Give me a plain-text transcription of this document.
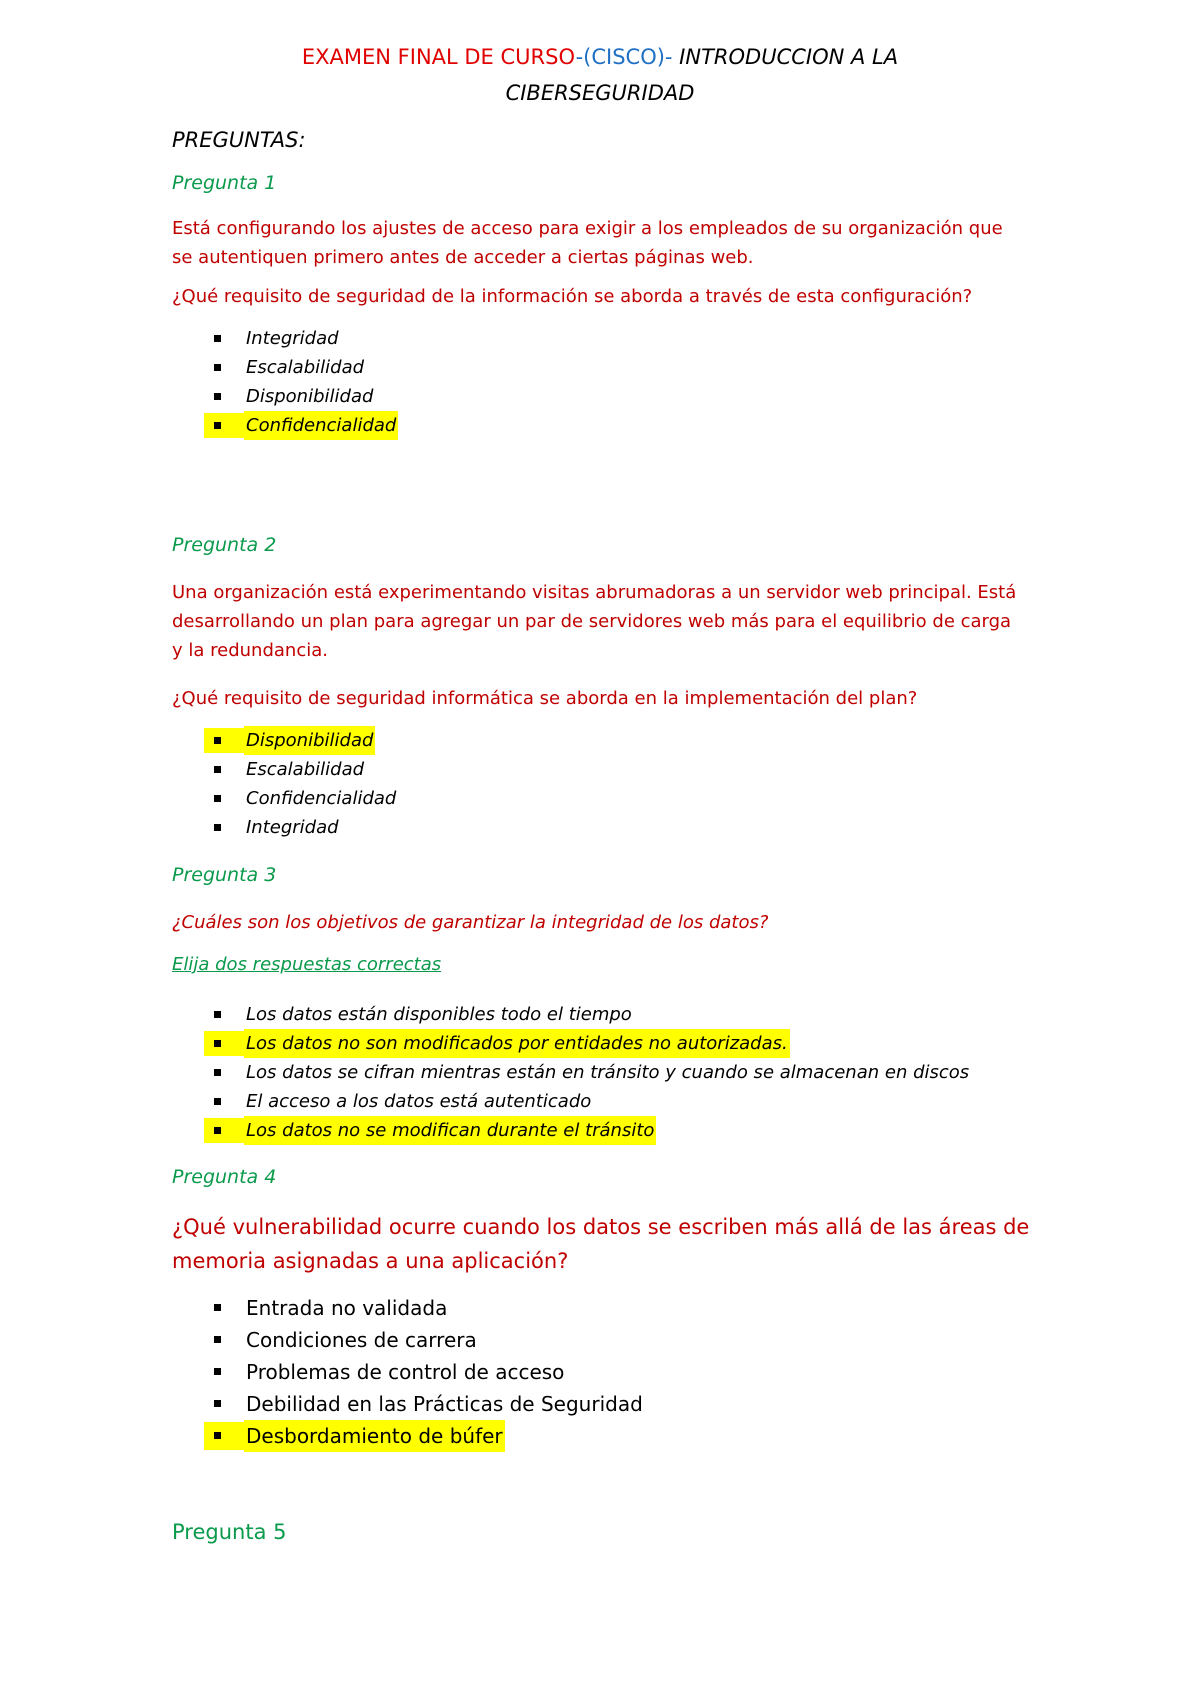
EXAMEN FINAL DE CURSO-(CISCO)- INTRODUCCION A LA
CIBERSEGURIDAD
PREGUNTAS:
Pregunta 1
Está configurando los ajustes de acceso para exigir a los empleados de su organización que
se autentiquen primero antes de acceder a ciertas páginas web.
¿Qué requisito de seguridad de la información se aborda a través de esta configuración?
Integridad
Escalabilidad
Disponibilidad
Confidencialidad
Pregunta 2
Una organización está experimentando visitas abrumadoras a un servidor web principal. Está
desarrollando un plan para agregar un par de servidores web más para el equilibrio de carga
y la redundancia.
¿Qué requisito de seguridad informática se aborda en la implementación del plan?
Disponibilidad
Escalabilidad
Confidencialidad
Integridad
Pregunta 3
¿Cuáles son los objetivos de garantizar la integridad de los datos?
Elija dos respuestas correctas
Los datos están disponibles todo el tiempo
Los datos no son modificados por entidades no autorizadas.
Los datos se cifran mientras están en tránsito y cuando se almacenan en discos
El acceso a los datos está autenticado
Los datos no se modifican durante el tránsito
Pregunta 4
¿Qué vulnerabilidad ocurre cuando los datos se escriben más allá de las áreas de
memoria asignadas a una aplicación?
Entrada no validada
Condiciones de carrera
Problemas de control de acceso
Debilidad en las Prácticas de Seguridad
Desbordamiento de búfer
Pregunta 5
